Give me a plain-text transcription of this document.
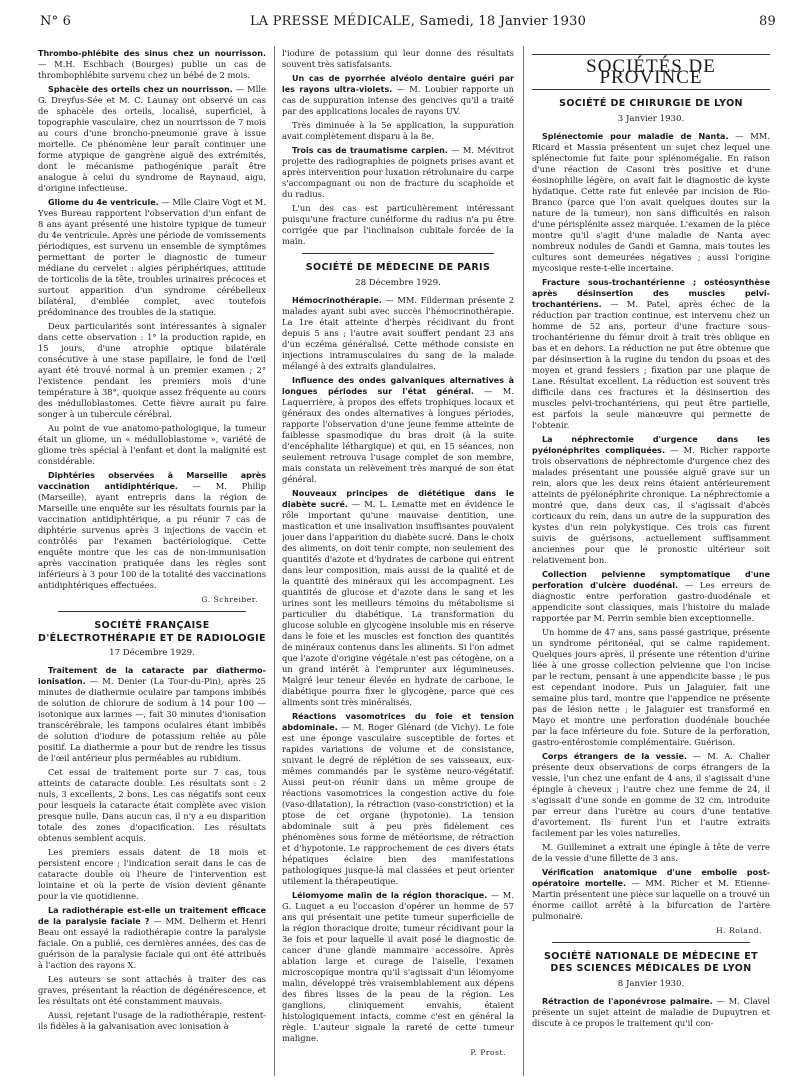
N° 6	LA PRESSE MÉDICALE, Samedi, 18 Janvier 1930	89

Thrombo-phlébite des sinus chez un nourrisson. — M.H. Eschbach (Bourges) publie un cas de thrombophlébite survenu chez un bébé de 2 mois.

Sphacèle des orteils chez un nourrisson. — Mlle G. Dreyfus-Sée et M. C. Launay ont observé un cas de sphacèle des orteils, localisé, superficiel, à topographie vasculaire, chez un nourrisson de 7 mois au cours d'une broncho-pneumonie grave à issue mortelle. Ce phénomène leur paraît continuer une forme atypique de gangrène aiguë des extrémités, dont le mécanisme pathogénique paraît être analogue à celui du syndrome de Raynaud, aigu, d'origine infectieuse.

Gliome du 4e ventricule. — Mlle Claire Vogt et M. Yves Bureau rapportent l'observation d'un enfant de 8 ans ayant présenté une histoire typique de tumeur du 4e ventricule. Après une période de vomissements périodiques, est survenu un ensemble de symptômes permettant de porter le diagnostic de tumeur médiane du cervelet : algies périphériques, attitude de torticolis de la tête, troubles urinaires précoces et surtout apparition d'un syndrome cérébelleux bilatéral, d'emblée complet, avec toutefois prédominance des troubles de la statique.

Deux particularités sont intéressantes à signaler dans cette observation : 1° la production rapide, en 15 jours, d'une atrophie optique bilatérale consécutive à une stase papillaire, le fond de l'œil ayant été trouvé normal à un premier examen ; 2° l'existence pendant les premiers mois d'une température à 38°, quoique assez fréquente au cours des médulloblastomes. Cette fièvre aurait pu faire songer à un tubercule cérébral.

Au point de vue anatomo-pathologique, la tumeur était un gliome, un « médulloblastome », variété de gliome très spécial à l'enfant et dont la malignité est considérable.

Diphtéries observées à Marseille après vaccination antidiphtérique. — M. Philip (Marseille), ayant entrepris dans la région de Marseille une enquête sur les résultats fournis par la vaccination antidiphtérique, a pu réunir 7 cas de diphtérie survenus après 3 injections de vaccin et contrôlés par l'examen bactériologique. Cette enquête montre que les cas de non-immunisation après vaccination pratiquée dans les règles sont inférieurs à 3 pour 100 de la totalité des vaccinations antidiphtériques effectuées.

G. Schreiber.
SOCIÉTÉ FRANÇAISE D'ÉLECTROTHÉRAPIE ET DE RADIOLOGIE
17 Décembre 1929.

Traitement de la cataracte par diathermo-ionisation. — M. Denier (La Tour-du-Pin), après 25 minutes de diathermie oculaire par tampons imbibés de solution de chlorure de sodium à 14 pour 100 — isotonique aux larmes —, fait 30 minutes d'ionisation transcérébrale, les tampons oculaires étant imbibés de solution d'iodure de potassium reliée au pôle positif. La diathermie a pour but de rendre les tissus de l'œil antérieur plus perméables au rubidium.

Cet essai de traitement porte sur 7 cas, tous atteints de cataracte double. Les résultats sont : 2 nuls, 3 excellents, 2 bons. Les cas négatifs sont ceux pour lesquels la cataracte était complète avec vision presque nulle. Dans aucun cas, il n'y a eu disparition totale des zones d'opacification. Les résultats obtenus semblent acquis.

Les premiers essais datent de 18 mois et persistent encore ; l'indication serait dans le cas de cataracte double où l'heure de l'intervention est lointaine et où la perte de vision devient gênante pour la vie quotidienne.

La radiothérapie est-elle un traitement efficace de la paralysie faciale ? — MM. Delherm et Henri Beau ont essayé la radiothérapie contre la paralysie faciale. On a publié, ces dernières années, des cas de guérison de la paralysie faciale qui ont été attribués à l'action des rayons X.

Les auteurs se sont attachés à traiter des cas graves, présentant la réaction de dégénérescence, et les résultats ont été constamment mauvais.

Aussi, rejetant l'usage de la radiothérapie, restent-ils fidèles à la galvanisation avec ionisation à

l'iodure de potassium qui leur donne des résultats souvent très satisfaisants.

Un cas de pyorrhée alvéolo dentaire guéri par les rayons ultra-violets. — M. Loubier rapporte un cas de suppuration intense des gencives qu'il a traité par des applications locales de rayons UV.

Très diminuée à la 5e application, la suppuration avait complètement disparu à la 8e.

Trois cas de traumatisme carpien. — M. Mévitrot projette des radiographies de poignets prises avant et après intervention pour luxation rétrolunaire du carpe s'accompagnant ou non de fracture du scaphoïde et du radius.

L'un des cas est particulièrement intéressant puisqu'une fracture cunéiforme du radius n'a pu être corrigée que par l'inclinaison cubitale forcée de la main.

SOCIÉTÉ DE MÉDECINE DE PARIS
28 Décembre 1929.

Hémocrinothérapie. — MM. Filderman présente 2 malades ayant subi avec succès l'hémocrinothérapie. La 1re était atteinte d'herpès récidivant du front depuis 5 ans ; l'autre avait souffert pendant 23 ans d'un eczéma généralisé. Cette méthode consiste en injections intramusculaires du sang de la malade mélangé à des extraits glandulaires.

Influence des ondes galvaniques alternatives à longues périodes sur l'état général. — M. Laquerrière, à propos des effets trophiques locaux et généraux des ondes alternatives à longues périodes, rapporte l'observation d'une jeune femme atteinte de faiblesse spasmodique du bras droit (à la suite d'encéphalite léthargique) et qui, en 15 séances, non seulement retrouva l'usage complet de son membre, mais constata un relèvement très marqué de son état général.

Nouveaux principes de diététique dans le diabète sucré. — M. L. Lematte met en évidence le rôle important qu'une mauvaise dentition, une mastication et une insalivation insuffisantes pouvaient jouer dans l'apparition du diabète sucré. Dans le choix des aliments, on doit tenir compte, non seulement des quantités d'azote et d'hydrates de carbone qui entrent dans leur composition, mais aussi de la qualité et de la quantité des minéraux qui les accompagnent. Les quantités de glucose et d'azote dans le sang et les urines sont les meilleurs témoins du métabolisme si particulier du diabétique. La transformation du glucose soluble en glycogène insoluble mis en réserve dans le foie et les muscles est fonction des quantités de minéraux contenus dans les aliments. Si l'on admet que l'azote d'origine végétale n'est pas cétogène, on a un grand intérêt à l'emprunter aux légumineuses. Malgré leur teneur élevée en hydrate de carbone, le diabétique pourra fixer le glycogène, parce que ces aliments sont très minéralisés.

Réactions vasomotrices du foie et tension abdominale. — M. Roger Glénard (de Vichy). Le foie est une éponge vasculaire susceptible de fortes et rapides variations de volume et de consistance, suivant le degré de réplétion de ses vaisseaux, eux-mêmes commandés par le système neuro-végétatif. Aussi peut-on réunir dans un même groupe de réactions vasomotrices la congestion active du foie (vaso-dilatation), la rétraction (vaso-constriction) et la ptose de cet organe (hypotonie). La tension abdominale suit à peu près fidèlement ces phénomènes sous forme de météorisme, de rétraction et d'hypotonie. Le rapprochement de ces divers états hépatiques éclaire bien des manifestations pathologiques jusque-là mal classées et peut orienter utilement la thérapeutique.

Léiomyome malin de la région thoracique. — M. G. Luquet a eu l'occasion d'opérer un homme de 57 ans qui présentait une petite tumeur superficielle de la région thoracique droite, tumeur récidivant pour la 3e fois et pour laquelle il avait posé le diagnostic de cancer d'une glande mammaire accessoire. Après ablation large et curage de l'aiselle, l'examen microscopique montra qu'il s'agissait d'un léiomyome malin, développé très vraisemblablement aux dépens des fibres lisses de la peau de la région. Les ganglions, cliniquement envahis, étaient histologiquement intacts, comme c'est en général la règle. L'auteur signale la rareté de cette tumeur maligne.

P. Prost.
SOCIÉTÉS DE PROVINCE
SOCIÉTÉ DE CHIRURGIE DE LYON
3 Janvier 1930.

Splénectomie pour maladie de Nanta. — MM. Ricard et Massia présentent un sujet chez lequel une splénectomie fut faite pour splénomégalie. En raison d'une réaction de Casoni très positive et d'une éosinophilie légère, on avait fait le diagnostic de kyste hydatique. Cette rate fut enlevée par incision de Rio-Branco (parce que l'on avait quelques doutes sur la nature de la tumeur), non sans difficultés en raison d'une périsplénite assez marquée. L'examen de la pièce montre qu'il s'agit d'une maladie de Nanta avec nombreux nodules de Gandi et Gamna, mais toutes les cultures sont demeurées négatives ; aussi l'origine mycosique reste-t-elle incertaine.

Fracture sous-trochantérienne ; ostéosynthèse après désinsertion des muscles pelvi-trochantériens. — M. Patel, après échec de la réduction par traction continue, est intervenu chez un homme de 52 ans, porteur d'une fracture sous-trochantérienne du fémur droit à trait très oblique en bas et en dehors. La réduction ne put être obtenue que par désinsertion à la rugine du tendon du psoas et des moyen et grand fessiers ; fixation par une plaque de Lane. Résultat excellent. La réduction est souvent très difficile dans ces fractures et la désinsertion des muscles pelvi-trochantériens, qui peut être partielle, est parfois la seule manœuvre qui permette de l'obtenir.

La néphrectomie d'urgence dans les pyélonéphrites compliquées. — M. Richer rapporte trois observations de néphrectomie d'urgence chez des malades présentant une poussée aiguë grave sur un rein, alors que les deux reins étaient antérieurement atteints de pyélonéphrite chronique. La néphrectomie a montré que, dans deux cas, il s'agissait d'abcès corticaux du rein, dans un autre de la suppuration des kystes d'un rein polykystique. Ces trois cas furent suivis de guérisons, actuellement suffisamment anciennes pour que le pronostic ultérieur soit relativement bon.

Collection pelvienne symptomatique d'une perforation d'ulcère duodénal. — Les erreurs de diagnostic entre perforation gastro-duodénale et appendicite sont classiques, mais l'histoire du malade rapportée par M. Perrin semble bien exceptionnelle.

Un homme de 47 ans, sans passé gastrique, présente un syndrome péritonéal, qui se calme rapidement. Quelques jours après, il présente une rétention d'urine liée à une grosse collection pelvienne que l'on incise par le rectum, pensant à une appendicite basse ; le pus est cependant inodore. Puis un Jalaguier, fait une semaine plus tard, montre que l'appendice ne présente pas de lésion nette ; le Jalaguier est transformé en Mayo et montre une perforation duodénale bouchée par la face inférieure du foie. Suture de la perforation, gastro-entérostomie complémentaire. Guérison.

Corps étrangers de la vessie. — M. A. Chalier présente deux observations de corps étrangers de la vessie, l'un chez une enfant de 4 ans, il s'agissait d'une épingle à cheveux ; l'autre chez une femme de 24, il s'agissait d'une sonde en gomme de 32 cm. introduite par erreur dans l'urètre au cours d'une tentative d'avortement. Ils furent l'un et l'autre extraits facilement par les voies naturelles.

M. Guilleminet a extrait une épingle à tête de verre de la vessie d'une fillette de 3 ans.

Vérification anatomique d'une embolie post-opératoire mortelle. — MM. Richer et M. Etienne-Martin présentent une pièce sur laquelle on a trouvé un énorme caillot arrêté à la bifurcation de l'artère pulmonaire.

H. Roland.
SOCIÉTÉ NATIONALE DE MÉDECINE ET DES SCIENCES MÉDICALES DE LYON
8 Janvier 1930.

Rétraction de l'aponévrose palmaire. — M. Clavel présente un sujet atteint de maladie de Dupuytren et discute à ce propos le traitement qu'il con-
